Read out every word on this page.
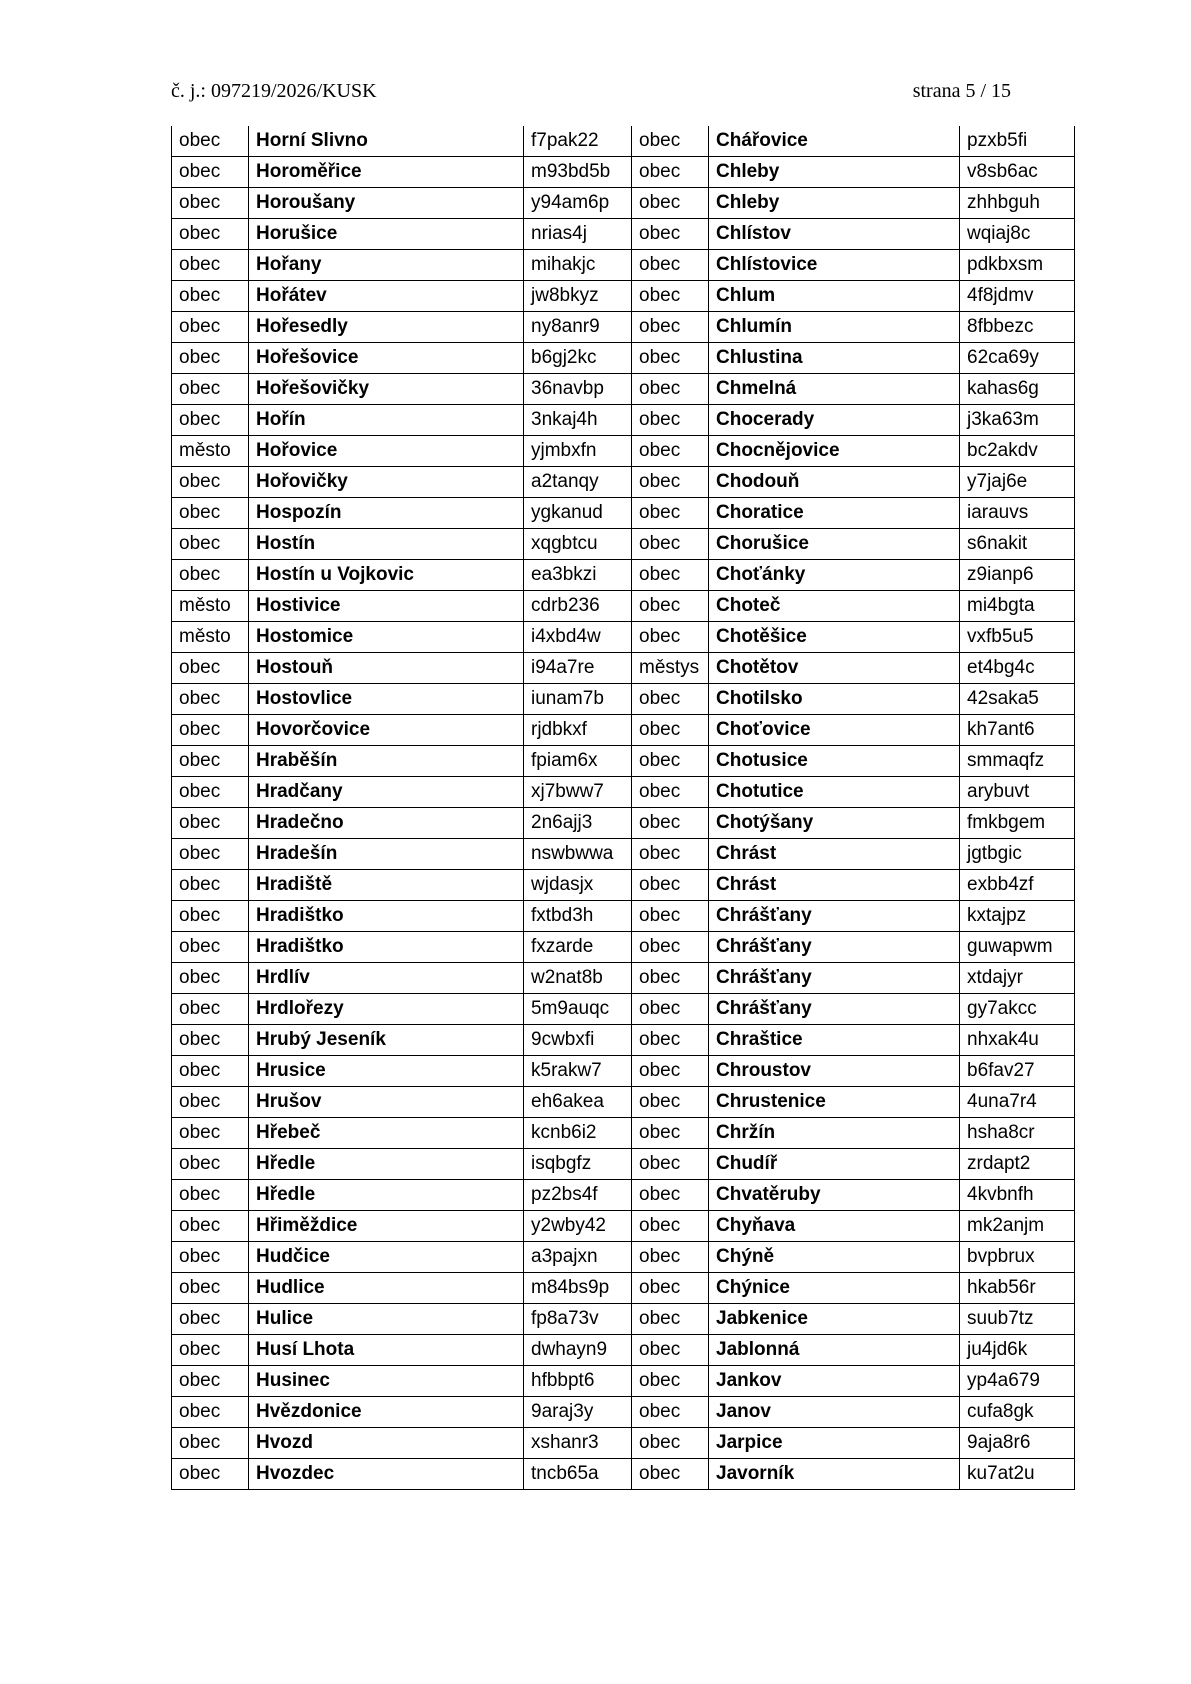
č. j.: 097219/2026/KUSK	strana 5 / 15
obec	Horní Slivno	f7pak22	obec	Chářovice	pzxb5fi
obec	Horoměřice	m93bd5b	obec	Chleby	v8sb6ac
obec	Horoušany	y94am6p	obec	Chleby	zhhbguh
obec	Horušice	nrias4j	obec	Chlístov	wqiaj8c
obec	Hořany	mihakjc	obec	Chlístovice	pdkbxsm
obec	Hořátev	jw8bkyz	obec	Chlum	4f8jdmv
obec	Hořesedly	ny8anr9	obec	Chlumín	8fbbezc
obec	Hořešovice	b6gj2kc	obec	Chlustina	62ca69y
obec	Hořešovičky	36navbp	obec	Chmelná	kahas6g
obec	Hořín	3nkaj4h	obec	Chocerady	j3ka63m
město	Hořovice	yjmbxfn	obec	Chocnějovice	bc2akdv
obec	Hořovičky	a2tanqy	obec	Chodouň	y7jaj6e
obec	Hospozín	ygkanud	obec	Choratice	iarauvs
obec	Hostín	xqgbtcu	obec	Chorušice	s6nakit
obec	Hostín u Vojkovic	ea3bkzi	obec	Choťánky	z9ianp6
město	Hostivice	cdrb236	obec	Choteč	mi4bgta
město	Hostomice	i4xbd4w	obec	Chotěšice	vxfb5u5
obec	Hostouň	i94a7re	městys	Chotětov	et4bg4c
obec	Hostovlice	iunam7b	obec	Chotilsko	42saka5
obec	Hovorčovice	rjdbkxf	obec	Choťovice	kh7ant6
obec	Hraběšín	fpiam6x	obec	Chotusice	smmaqfz
obec	Hradčany	xj7bww7	obec	Chotutice	arybuvt
obec	Hradečno	2n6ajj3	obec	Chotýšany	fmkbgem
obec	Hradešín	nswbwwa	obec	Chrást	jgtbgic
obec	Hradiště	wjdasjx	obec	Chrást	exbb4zf
obec	Hradištko	fxtbd3h	obec	Chrášťany	kxtajpz
obec	Hradištko	fxzarde	obec	Chrášťany	guwapwm
obec	Hrdlív	w2nat8b	obec	Chrášťany	xtdajyr
obec	Hrdlořezy	5m9auqc	obec	Chrášťany	gy7akcc
obec	Hrubý Jeseník	9cwbxfi	obec	Chraštice	nhxak4u
obec	Hrusice	k5rakw7	obec	Chroustov	b6fav27
obec	Hrušov	eh6akea	obec	Chrustenice	4una7r4
obec	Hřebeč	kcnb6i2	obec	Chržín	hsha8cr
obec	Hředle	isqbgfz	obec	Chudíř	zrdapt2
obec	Hředle	pz2bs4f	obec	Chvatěruby	4kvbnfh
obec	Hřiměždice	y2wby42	obec	Chyňava	mk2anjm
obec	Hudčice	a3pajxn	obec	Chýně	bvpbrux
obec	Hudlice	m84bs9p	obec	Chýnice	hkab56r
obec	Hulice	fp8a73v	obec	Jabkenice	suub7tz
obec	Husí Lhota	dwhayn9	obec	Jablonná	ju4jd6k
obec	Husinec	hfbbpt6	obec	Jankov	yp4a679
obec	Hvězdonice	9araj3y	obec	Janov	cufa8gk
obec	Hvozd	xshanr3	obec	Jarpice	9aja8r6
obec	Hvozdec	tncb65a	obec	Javorník	ku7at2u
